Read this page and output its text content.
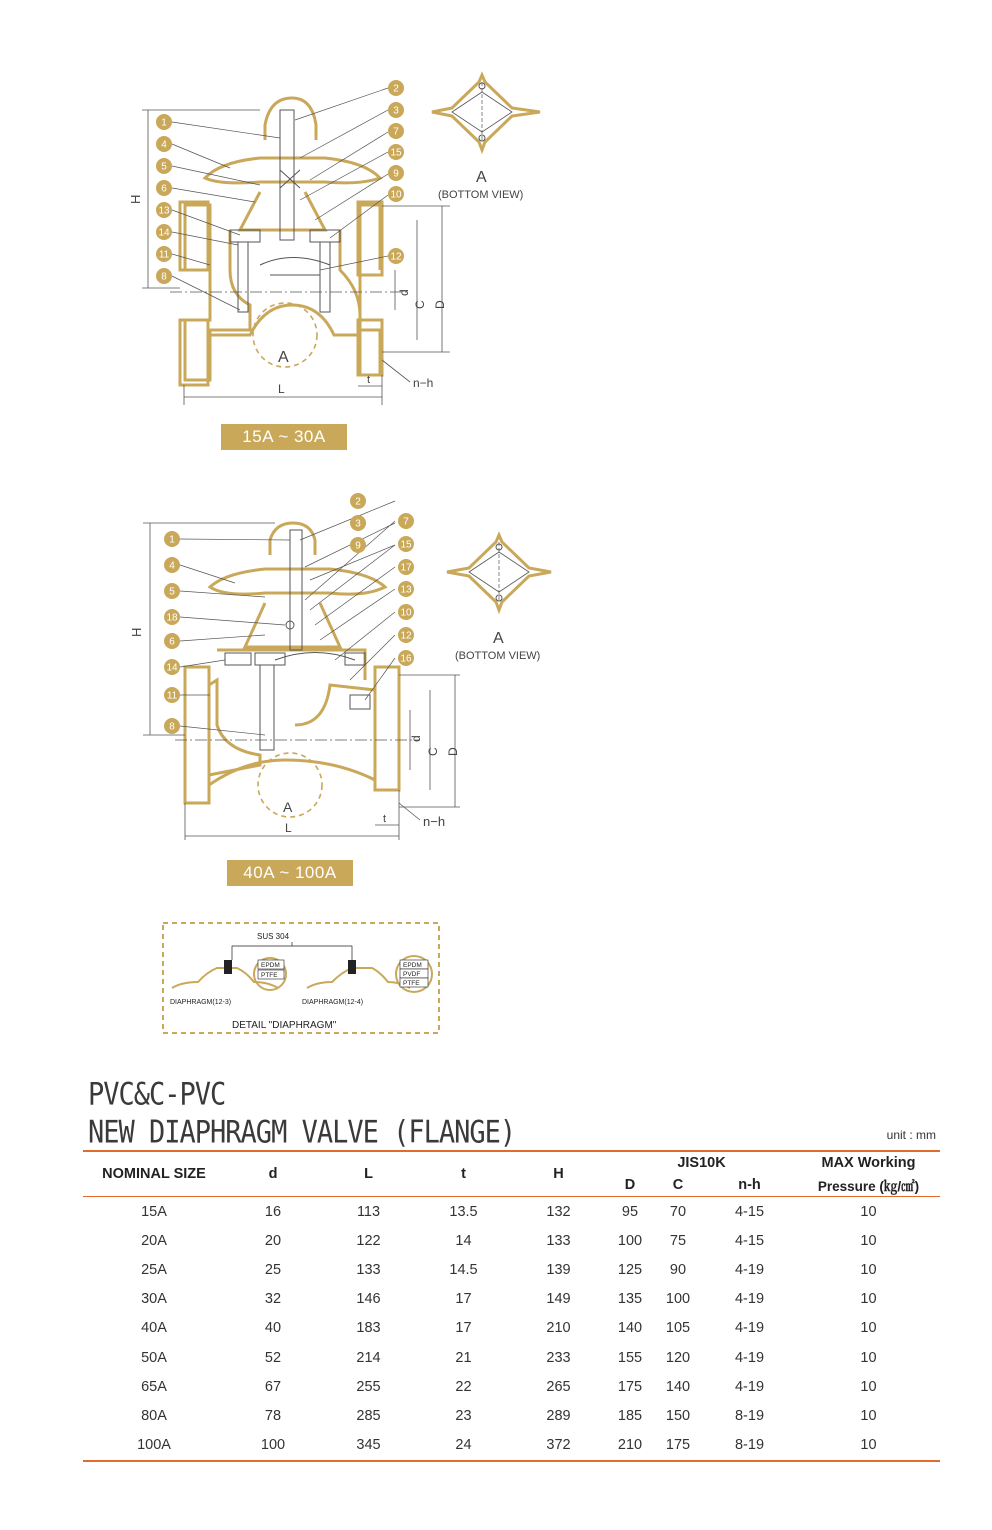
A
H
L
t	n−h
d
C D
1
4
5
6
13
14
11
8
2
3
7
15
9
10
12
A
(BOTTOM VIEW)
15A ~ 30A
A
H
L
t	n−h
d
C D
1
4
5
18
6
14
11
8
2
3
9
7
15
17
13
10
12
16
A
(BOTTOM VIEW)
40A ~ 100A
SUS 304
EPDM
PTFE
EPDM
PVDF
PTFE
DIAPHRAGM(12-3)	DIAPHRAGM(12-4)
DETAIL "DIAPHRAGM"
PVC&C-PVC
NEW DIAPHRAGM VALVE (FLANGE)	unit : mm
NOMINAL SIZE	d	L	t	H	JIS10K			MAX Working
					D	C	n-h	Pressure (㎏/㎠)
15A	16	113	13.5	132	95	70	4-15	10
20A	20	122	14	133	100	75	4-15	10
25A	25	133	14.5	139	125	90	4-19	10
30A	32	146	17	149	135	100	4-19	10
40A	40	183	17	210	140	105	4-19	10
50A	52	214	21	233	155	120	4-19	10
65A	67	255	22	265	175	140	4-19	10
80A	78	285	23	289	185	150	8-19	10
100A	100	345	24	372	210	175	8-19	10
